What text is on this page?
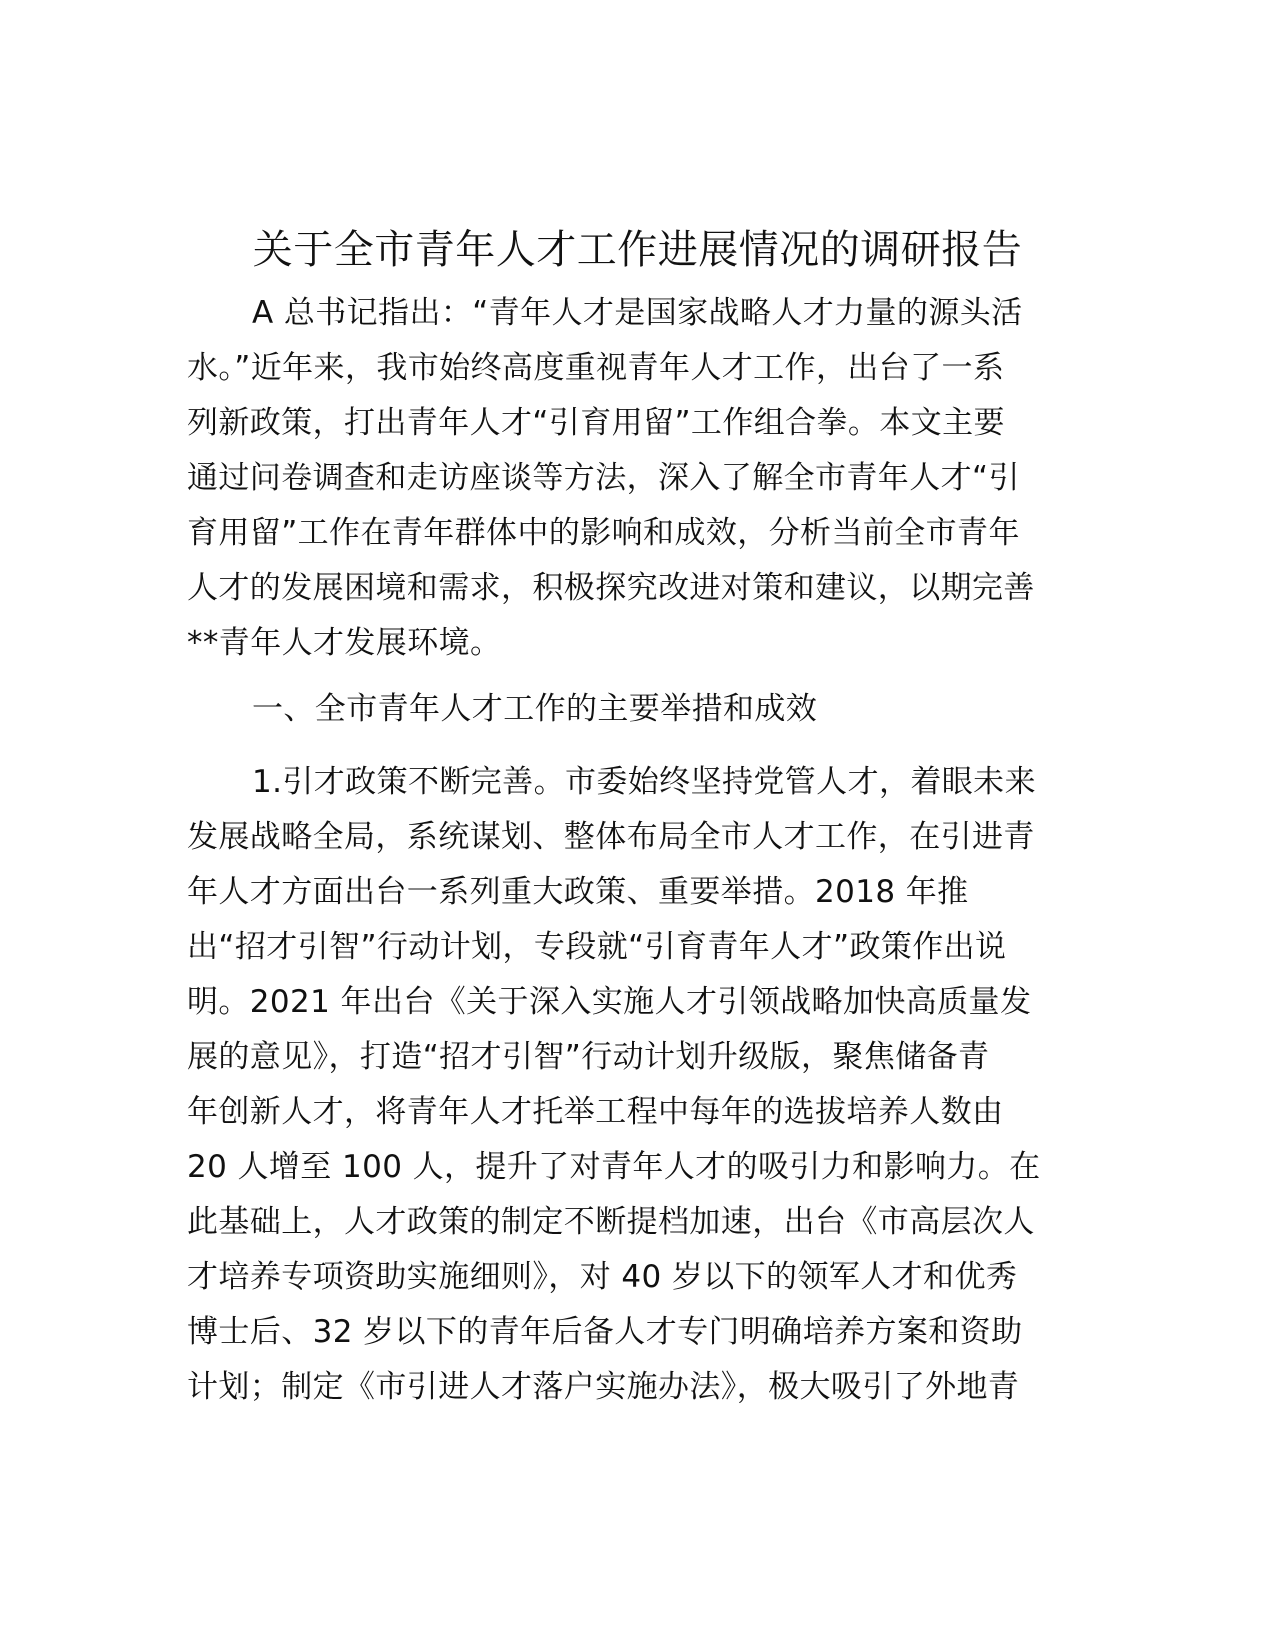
关于全市青年人才工作进展情况的调研报告
A 总书记指出：“青年人才是国家战略人才力量的源头活
水。”近年来，我市始终高度重视青年人才工作，出台了一系
列新政策，打出青年人才“引育用留”工作组合拳。本文主要
通过问卷调查和走访座谈等方法，深入了解全市青年人才“引
育用留”工作在青年群体中的影响和成效，分析当前全市青年
人才的发展困境和需求，积极探究改进对策和建议，以期完善
**青年人才发展环境。
一、全市青年人才工作的主要举措和成效
1.引才政策不断完善。市委始终坚持党管人才，着眼未来
发展战略全局，系统谋划、整体布局全市人才工作，在引进青
年人才方面出台一系列重大政策、重要举措。2018 年推
出“招才引智”行动计划，专段就“引育青年人才”政策作出说
明。2021 年出台《关于深入实施人才引领战略加快高质量发
展的意见》，打造“招才引智”行动计划升级版，聚焦储备青
年创新人才，将青年人才托举工程中每年的选拔培养人数由
20 人增至 100 人，提升了对青年人才的吸引力和影响力。在
此基础上，人才政策的制定不断提档加速，出台《市高层次人
才培养专项资助实施细则》，对 40 岁以下的领军人才和优秀
博士后、32 岁以下的青年后备人才专门明确培养方案和资助
计划；制定《市引进人才落户实施办法》，极大吸引了外地青
